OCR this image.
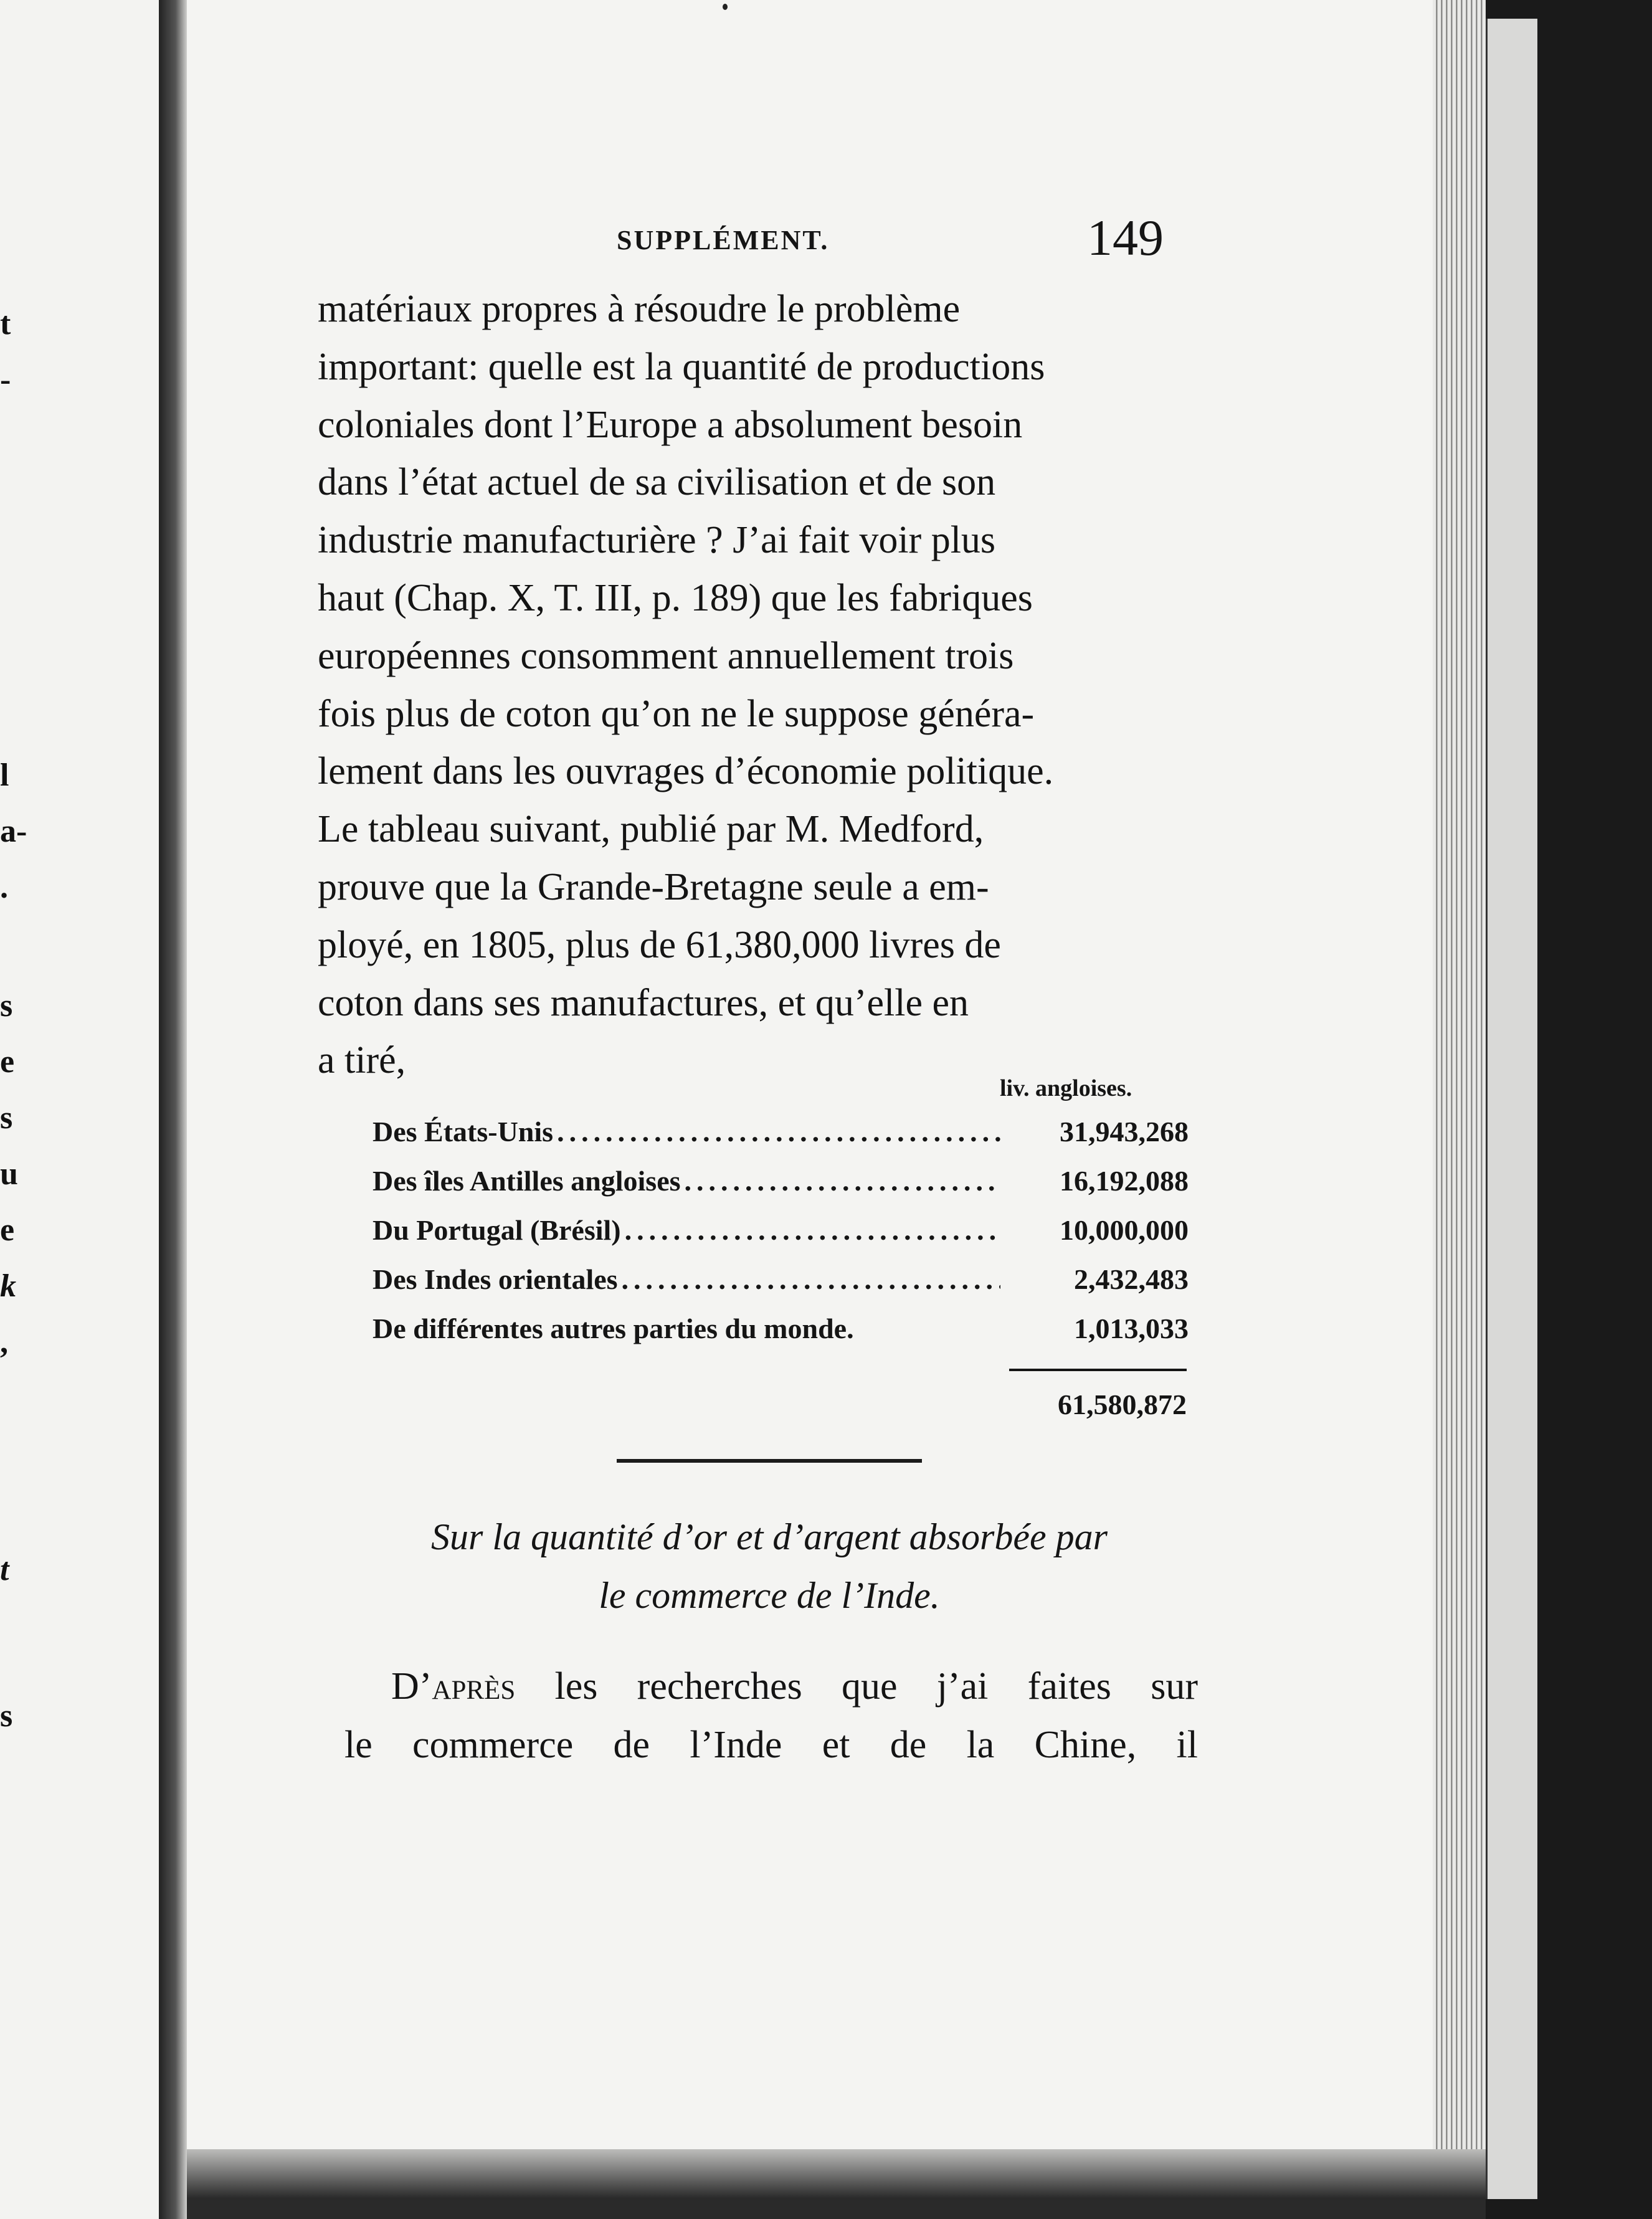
t
-
l
a-
.
s
e
s
u
e
k
,
t
s
SUPPLÉMENT.	149
matériaux propres à résoudre le problème
important: quelle est la quantité de productions
coloniales dont l’Europe a absolument besoin
dans l’état actuel de sa civilisation et de son
industrie manufacturière ? J’ai fait voir plus
haut (Chap. X, T. III, p. 189) que les fabriques
européennes consomment annuellement trois
fois plus de coton qu’on ne le suppose généra-
lement dans les ouvrages d’économie politique.
Le tableau suivant, publié par M. Medford,
prouve que la Grande-Bretagne seule a em-
ployé, en 1805, plus de 61,380,000 livres de
coton dans ses manufactures, et qu’elle en
a tiré,
liv. angloises.
Des États-Unis .....	31,943,268
Des îles Antilles angloises .....	16,192,088
Du Portugal (Brésil) .....	10,000,000
Des Indes orientales .....	2,432,483
De différentes autres parties du monde.	1,013,033
61,580,872
Sur la quantité d’or et d’argent absorbée par
le commerce de l’Inde.
D’après les recherches que j’ai faites sur
le commerce de l’Inde et de la Chine, il
